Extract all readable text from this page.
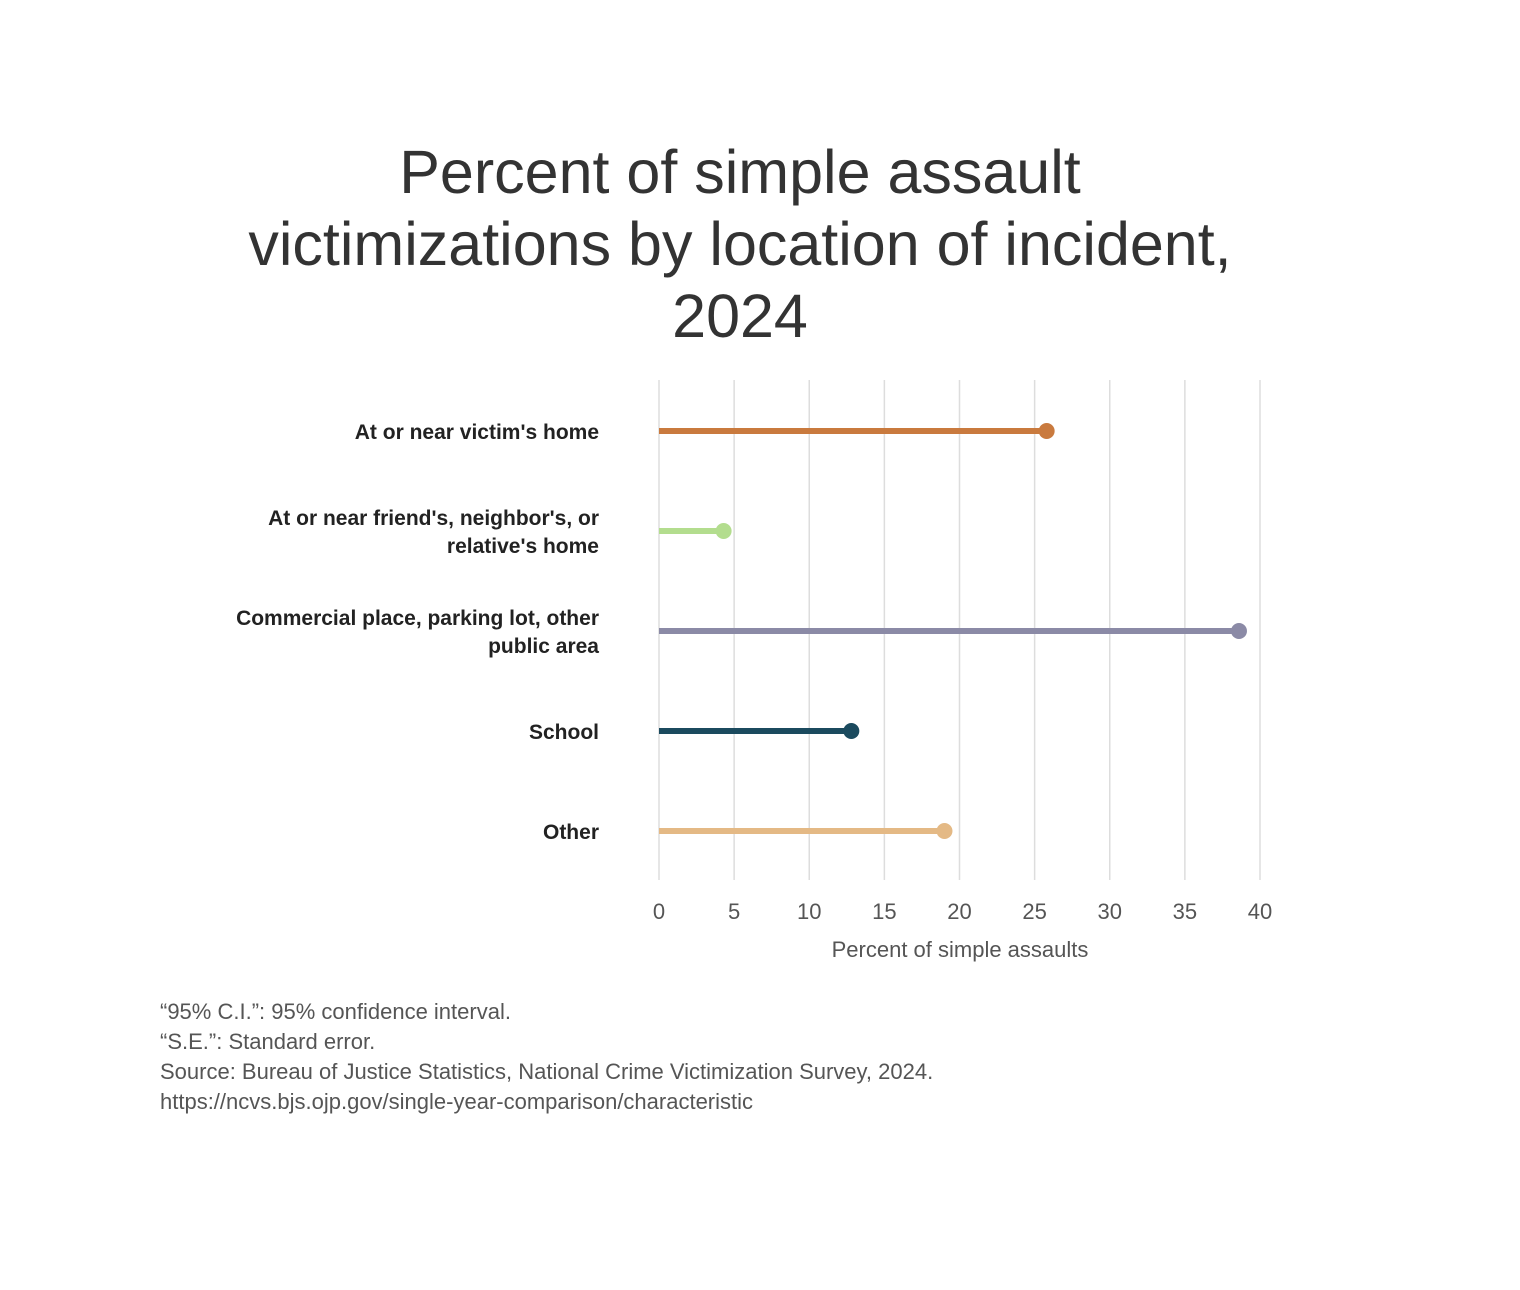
Percent of simple assault
victimizations by location of incident,
2024
At or near victim's home
At or near friend's, neighbor's, or
relative's home
Commercial place, parking lot, other
public area
School
Other
0	5	10 15 20 25 30 35 40
Percent of simple assaults
“95% C.I.”: 95% confidence interval.
“S.E.”: Standard error.
Source: Bureau of Justice Statistics, National Crime Victimization Survey, 2024.
https://ncvs.bjs.ojp.gov/single-year-comparison/characteristic
